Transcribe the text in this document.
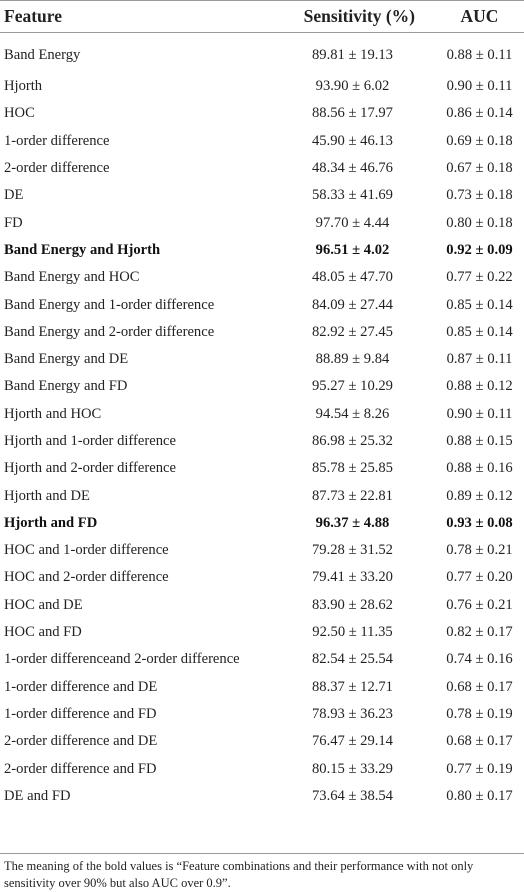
Feature	Sensitivity (%)	AUC
Band Energy	89.81 ± 19.13	0.88 ± 0.11
Hjorth	93.90 ± 6.02	0.90 ± 0.11
HOC	88.56 ± 17.97	0.86 ± 0.14
1-order difference	45.90 ± 46.13	0.69 ± 0.18
2-order difference	48.34 ± 46.76	0.67 ± 0.18
DE	58.33 ± 41.69	0.73 ± 0.18
FD	97.70 ± 4.44	0.80 ± 0.18
Band Energy and Hjorth	96.51 ± 4.02	0.92 ± 0.09
Band Energy and HOC	48.05 ± 47.70	0.77 ± 0.22
Band Energy and 1-order difference	84.09 ± 27.44	0.85 ± 0.14
Band Energy and 2-order difference	82.92 ± 27.45	0.85 ± 0.14
Band Energy and DE	88.89 ± 9.84	0.87 ± 0.11
Band Energy and FD	95.27 ± 10.29	0.88 ± 0.12
Hjorth and HOC	94.54 ± 8.26	0.90 ± 0.11
Hjorth and 1-order difference	86.98 ± 25.32	0.88 ± 0.15
Hjorth and 2-order difference	85.78 ± 25.85	0.88 ± 0.16
Hjorth and DE	87.73 ± 22.81	0.89 ± 0.12
Hjorth and FD	96.37 ± 4.88	0.93 ± 0.08
HOC and 1-order difference	79.28 ± 31.52	0.78 ± 0.21
HOC and 2-order difference	79.41 ± 33.20	0.77 ± 0.20
HOC and DE	83.90 ± 28.62	0.76 ± 0.21
HOC and FD	92.50 ± 11.35	0.82 ± 0.17
1-order differenceand 2-order difference	82.54 ± 25.54	0.74 ± 0.16
1-order difference and DE	88.37 ± 12.71	0.68 ± 0.17
1-order difference and FD	78.93 ± 36.23	0.78 ± 0.19
2-order difference and DE	76.47 ± 29.14	0.68 ± 0.17
2-order difference and FD	80.15 ± 33.29	0.77 ± 0.19
DE and FD	73.64 ± 38.54	0.80 ± 0.17
The meaning of the bold values is “Feature combinations and their performance with not only sensitivity over 90% but also AUC over 0.9”.
